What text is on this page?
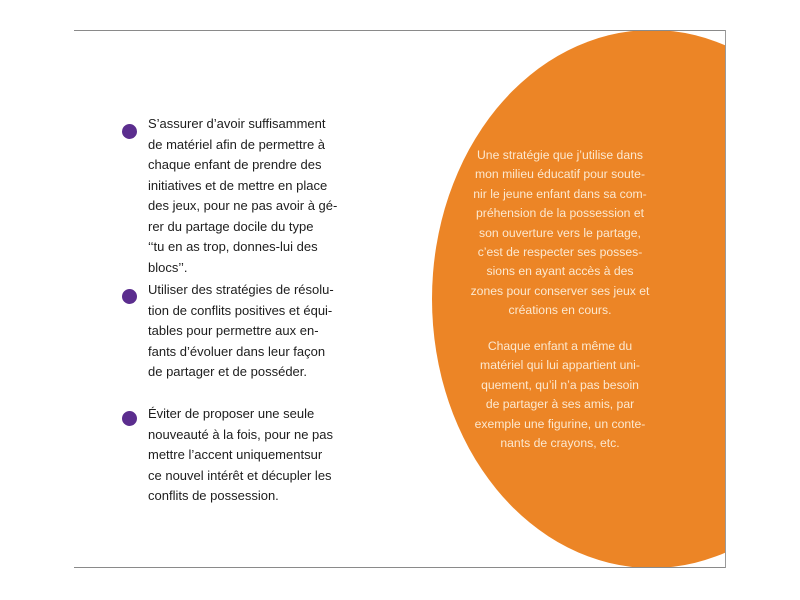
S’assurer d’avoir suffisamment
de matériel afin de permettre à
chaque enfant de prendre des
initiatives et de mettre en place
des jeux, pour ne pas avoir à gé-
rer du partage docile du type
‘‘tu en as trop, donnes-lui des
blocs’’.

Utiliser des stratégies de résolu-
tion de conflits positives et équi-
tables pour permettre aux en-
fants d’évoluer dans leur façon
de partager et de posséder.

Éviter de proposer une seule
nouveauté à la fois, pour ne pas
mettre l’accent uniquementsur
ce nouvel intérêt et décupler les
conflits de possession.

Une stratégie que j’utilise dans
mon milieu éducatif pour soute-
nir le jeune enfant dans sa com-
préhension de la possession et
son ouverture vers le partage,
c’est de respecter ses posses-
sions en ayant accès à des
zones pour conserver ses jeux et
créations en cours.

Chaque enfant a même du
matériel qui lui appartient uni-
quement, qu’il n’a pas besoin
de partager à ses amis, par
exemple une figurine, un conte-
nants de crayons, etc.
